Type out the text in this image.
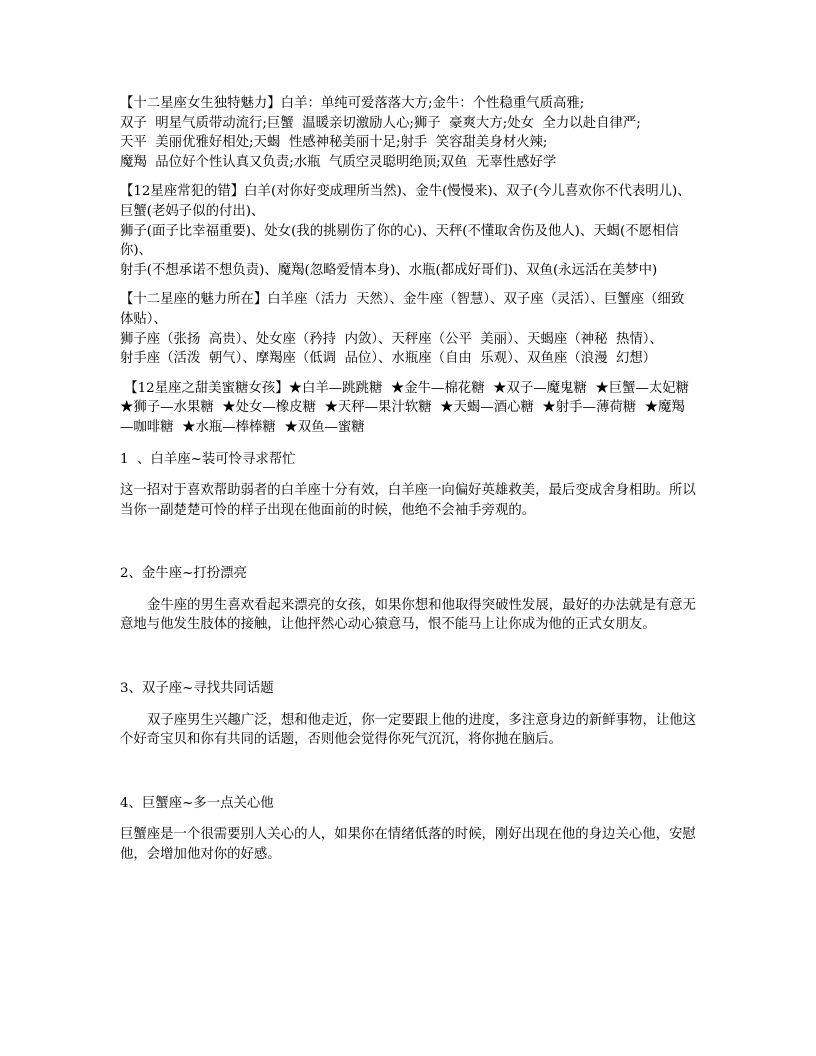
【十二星座女生独特魅力】白羊：单纯可爱落落大方;金牛：个性稳重气质高雅;

双子  明星气质带动流行;巨蟹  温暖亲切激励人心;狮子  豪爽大方;处女  全力以赴自律严;

天平  美丽优雅好相处;天蝎  性感神秘美丽十足;射手  笑容甜美身材火辣;

魔羯  品位好个性认真又负责;水瓶  气质空灵聪明绝顶;双鱼  无辜性感好学

【12星座常犯的错】白羊(对你好变成理所当然)、金牛(慢慢来)、双子(今儿喜欢你不代表明儿)、巨蟹(老妈子似的付出)、

狮子(面子比幸福重要)、处女(我的挑剔伤了你的心)、天秤(不懂取舍伤及他人)、天蝎(不愿相信你)、

射手(不想承诺不想负责)、魔羯(忽略爱情本身)、水瓶(都成好哥们)、双鱼(永远活在美梦中)

【十二星座的魅力所在】白羊座（活力  天然）、金牛座（智慧）、双子座（灵活）、巨蟹座（细致  体贴）、

狮子座（张扬  高贵）、处女座（矜持  内敛）、天秤座（公平  美丽）、天蝎座（神秘  热情）、

射手座（活泼  朝气）、摩羯座（低调  品位）、水瓶座（自由  乐观）、双鱼座（浪漫  幻想）

【12星座之甜美蜜糖女孩】★白羊—跳跳糖  ★金牛—棉花糖  ★双子—魔鬼糖  ★巨蟹—太妃糖

★狮子—水果糖  ★处女—橡皮糖  ★天秤—果汁软糖  ★天蝎—酒心糖  ★射手—薄荷糖  ★魔羯—咖啡糖  ★水瓶—棒棒糖  ★双鱼—蜜糖

1  、白羊座~装可怜寻求帮忙

这一招对于喜欢帮助弱者的白羊座十分有效，白羊座一向偏好英雄救美，最后变成舍身相助。所以当你一副楚楚可怜的样子出现在他面前的时候，他绝不会袖手旁观的。

2、金牛座~打扮漂亮

金牛座的男生喜欢看起来漂亮的女孩，如果你想和他取得突破性发展，最好的办法就是有意无意地与他发生肢体的接触，让他抨然心动心猿意马，恨不能马上让你成为他的正式女朋友。

3、双子座~寻找共同话题

双子座男生兴趣广泛，想和他走近，你一定要跟上他的进度，多注意身边的新鲜事物，让他这个好奇宝贝和你有共同的话题，否则他会觉得你死气沉沉，将你抛在脑后。

4、巨蟹座~多一点关心他

巨蟹座是一个很需要别人关心的人，如果你在情绪低落的时候，刚好出现在他的身边关心他，安慰他，会增加他对你的好感。
